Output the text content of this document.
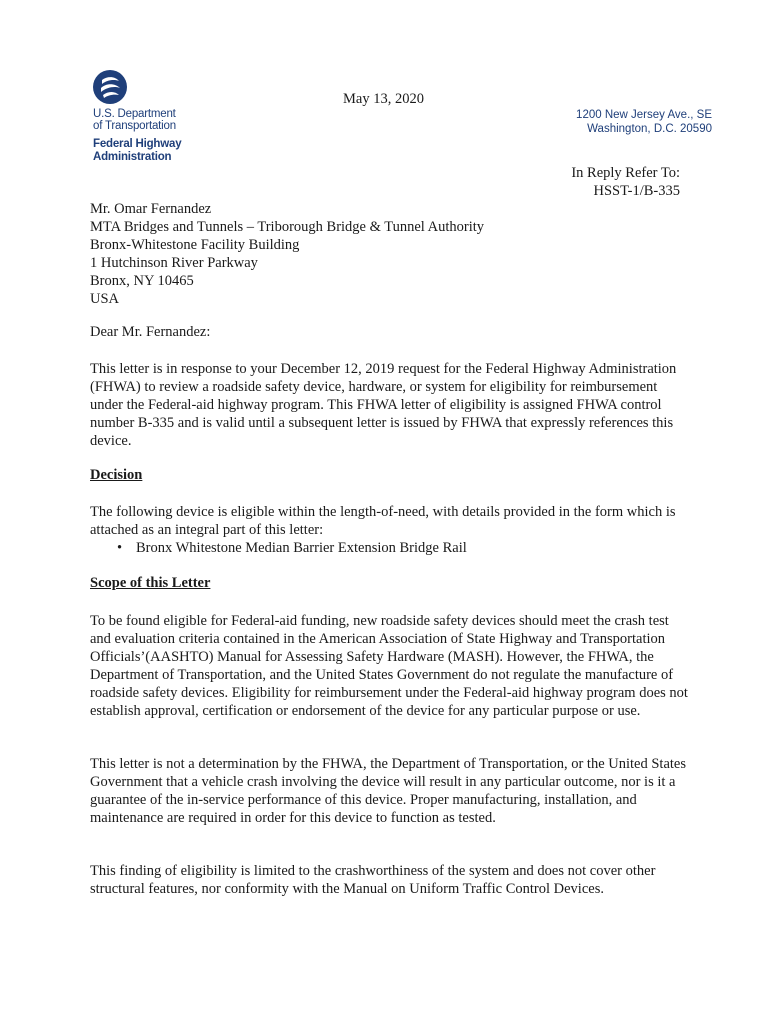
U.S. Department
of Transportation
Federal Highway
Administration
May 13, 2020
1200 New Jersey Ave., SE
Washington, D.C. 20590
In Reply Refer To:
HSST-1/B-335
Mr. Omar Fernandez
MTA Bridges and Tunnels – Triborough Bridge & Tunnel Authority
Bronx-Whitestone Facility Building
1 Hutchinson River Parkway
Bronx, NY 10465
USA
Dear Mr. Fernandez:
This letter is in response to your December 12, 2019 request for the Federal Highway Administration (FHWA) to review a roadside safety device, hardware, or system for eligibility for reimbursement under the Federal-aid highway program. This FHWA letter of eligibility is assigned FHWA control number B-335 and is valid until a subsequent letter is issued by FHWA that expressly references this device.
Decision
The following device is eligible within the length-of-need, with details provided in the form which is attached as an integral part of this letter:
• Bronx Whitestone Median Barrier Extension Bridge Rail
Scope of this Letter
To be found eligible for Federal-aid funding, new roadside safety devices should meet the crash test and evaluation criteria contained in the American Association of State Highway and Transportation Officials’(AASHTO) Manual for Assessing Safety Hardware (MASH). However, the FHWA, the Department of Transportation, and the United States Government do not regulate the manufacture of roadside safety devices. Eligibility for reimbursement under the Federal-aid highway program does not establish approval, certification or endorsement of the device for any particular purpose or use.
This letter is not a determination by the FHWA, the Department of Transportation, or the United States Government that a vehicle crash involving the device will result in any particular outcome, nor is it a guarantee of the in-service performance of this device. Proper manufacturing, installation, and maintenance are required in order for this device to function as tested.
This finding of eligibility is limited to the crashworthiness of the system and does not cover other structural features, nor conformity with the Manual on Uniform Traffic Control Devices.
